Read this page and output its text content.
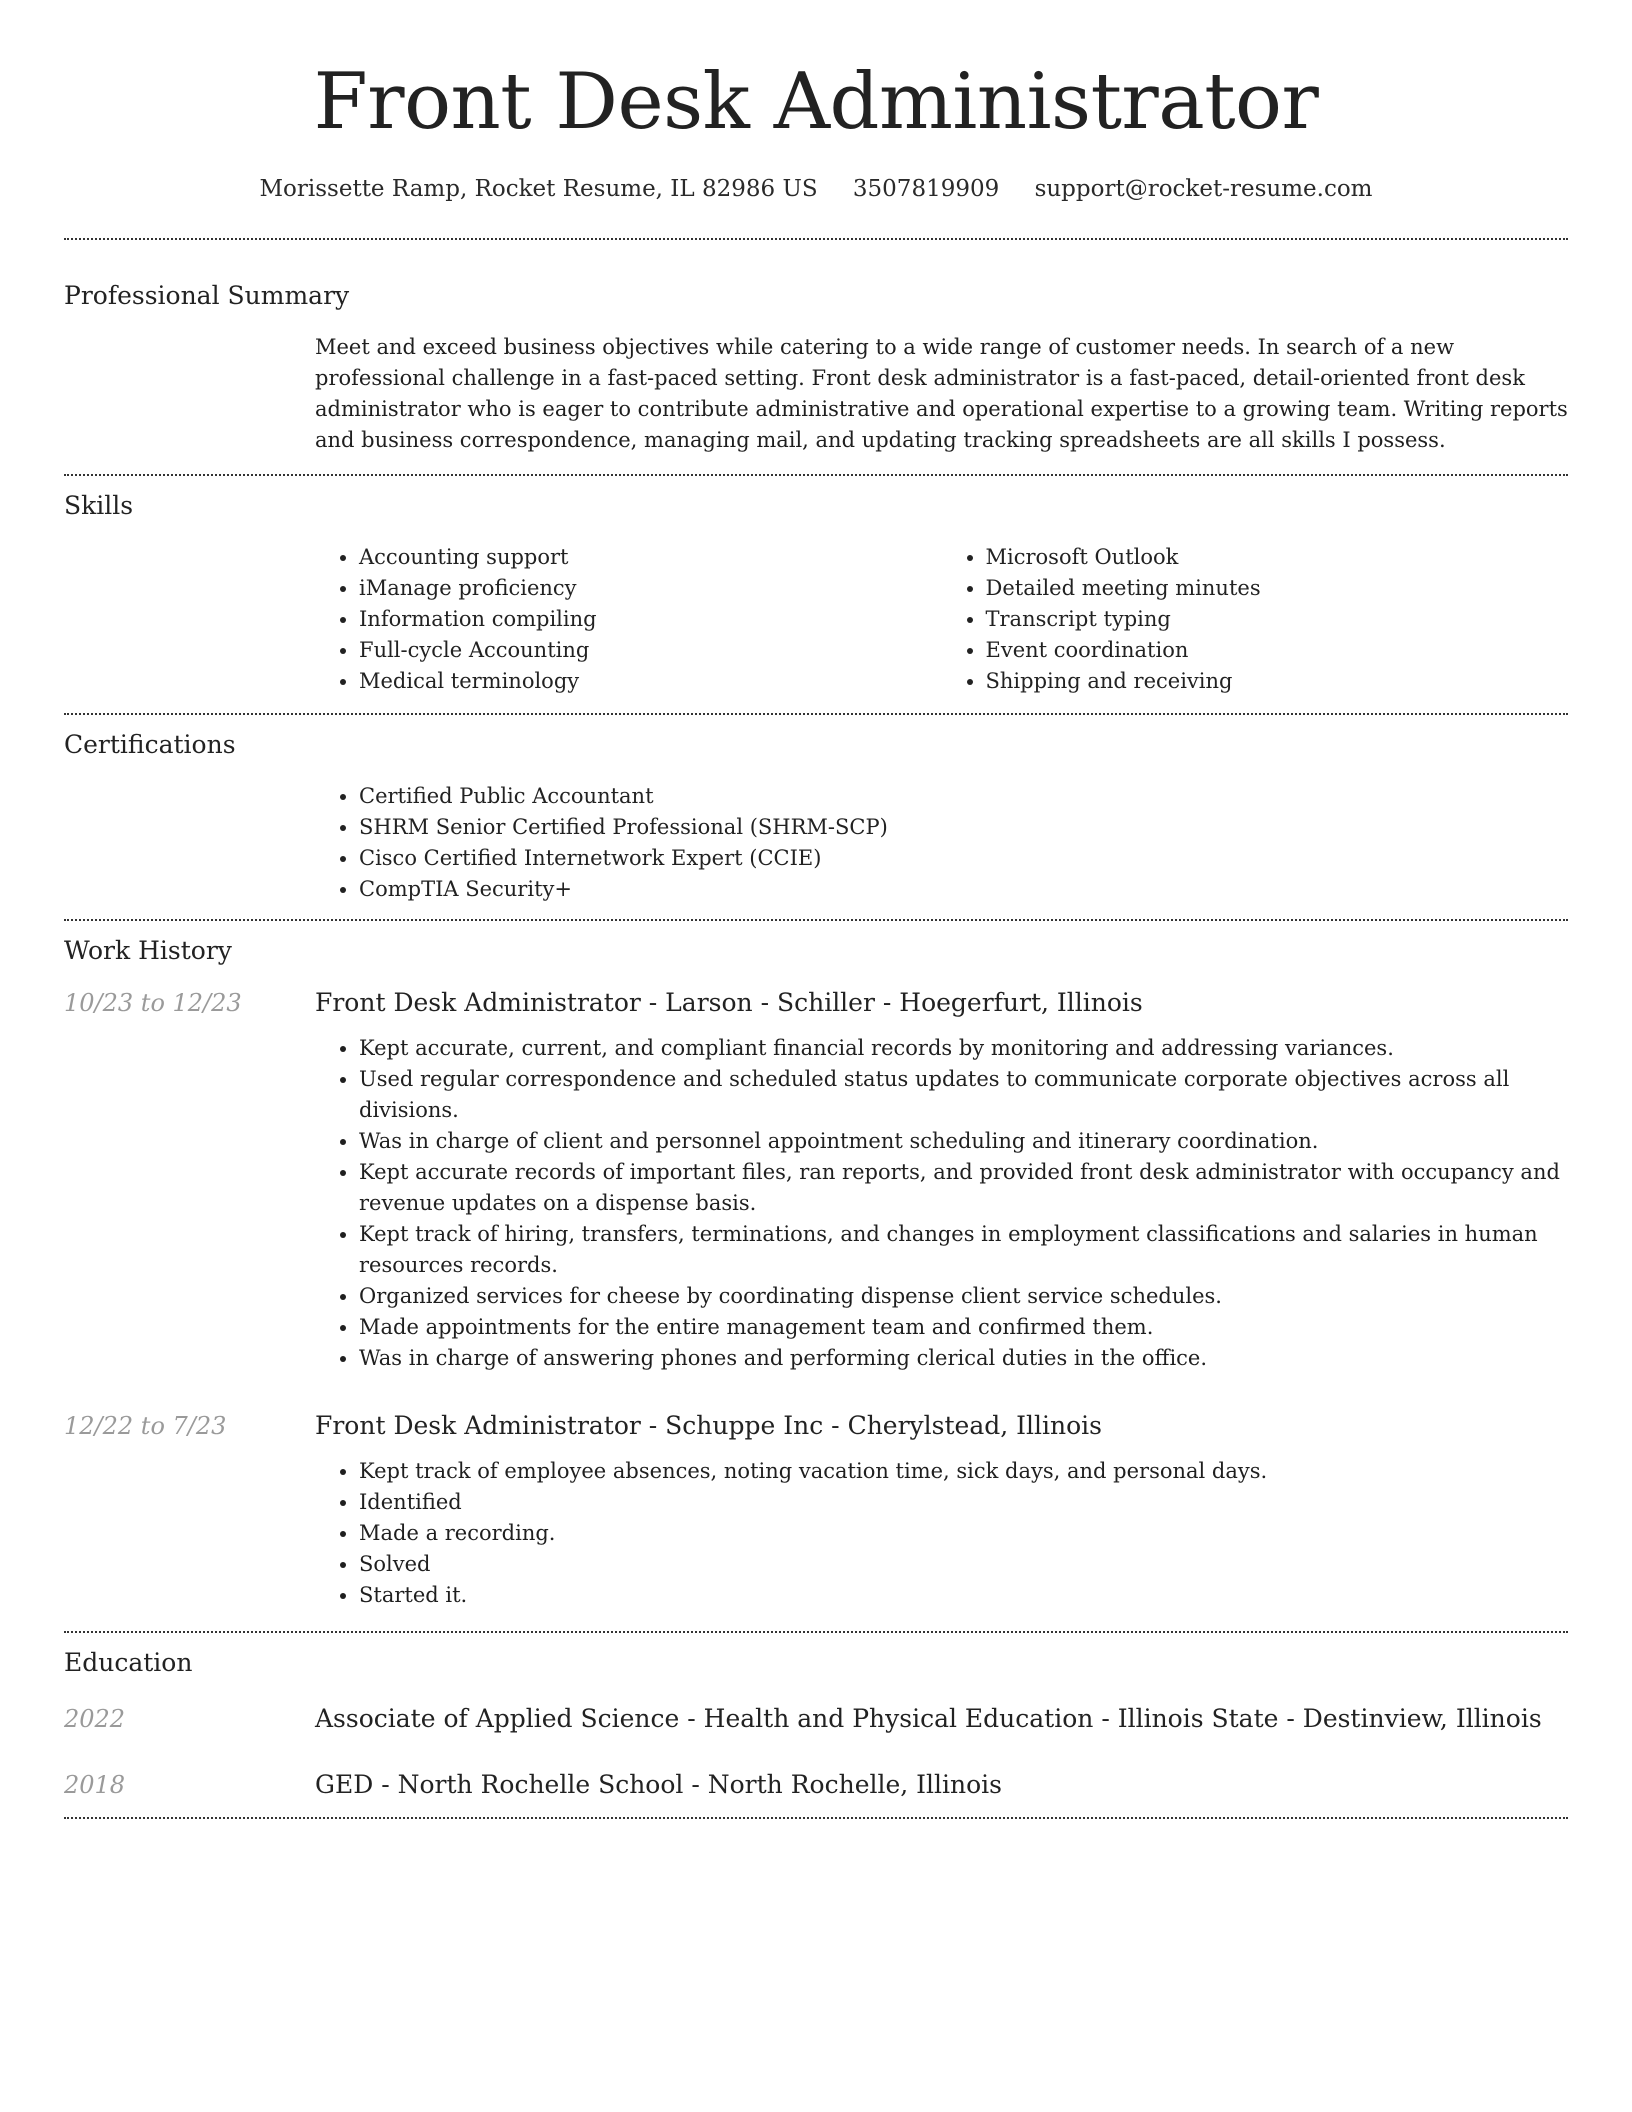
Front Desk Administrator
Morissette Ramp, Rocket Resume, IL 82986 US 3507819909 support@rocket-resume.com
Professional Summary

Meet and exceed business objectives while catering to a wide range of customer needs. In search of a new professional challenge in a fast-paced setting. Front desk administrator is a fast-paced, detail-oriented front desk administrator who is eager to contribute administrative and operational expertise to a growing team. Writing reports and business correspondence, managing mail, and updating tracking spreadsheets are all skills I possess.

Skills
• Accounting support
• iManage proficiency
• Information compiling
• Full-cycle Accounting
• Medical terminology
• Microsoft Outlook
• Detailed meeting minutes
• Transcript typing
• Event coordination
• Shipping and receiving
Certifications
• Certified Public Accountant
• SHRM Senior Certified Professional (SHRM-SCP)
• Cisco Certified Internetwork Expert (CCIE)
• CompTIA Security+
Work History
10/23 to 12/23	Front Desk Administrator - Larson - Schiller - Hoegerfurt, Illinois
• Kept accurate, current, and compliant financial records by monitoring and addressing variances.
• Used regular correspondence and scheduled status updates to communicate corporate objectives across all divisions.
• Was in charge of client and personnel appointment scheduling and itinerary coordination.
• Kept accurate records of important files, ran reports, and provided front desk administrator with occupancy and revenue updates on a dispense basis.
• Kept track of hiring, transfers, terminations, and changes in employment classifications and salaries in human resources records.
• Organized services for cheese by coordinating dispense client service schedules.
• Made appointments for the entire management team and confirmed them.
• Was in charge of answering phones and performing clerical duties in the office.
12/22 to 7/23	Front Desk Administrator - Schuppe Inc - Cherylstead, Illinois
• Kept track of employee absences, noting vacation time, sick days, and personal days.
• Identified
• Made a recording.
• Solved
• Started it.
Education
2022	Associate of Applied Science - Health and Physical Education - Illinois State - Destinview, Illinois
2018	GED - North Rochelle School - North Rochelle, Illinois
